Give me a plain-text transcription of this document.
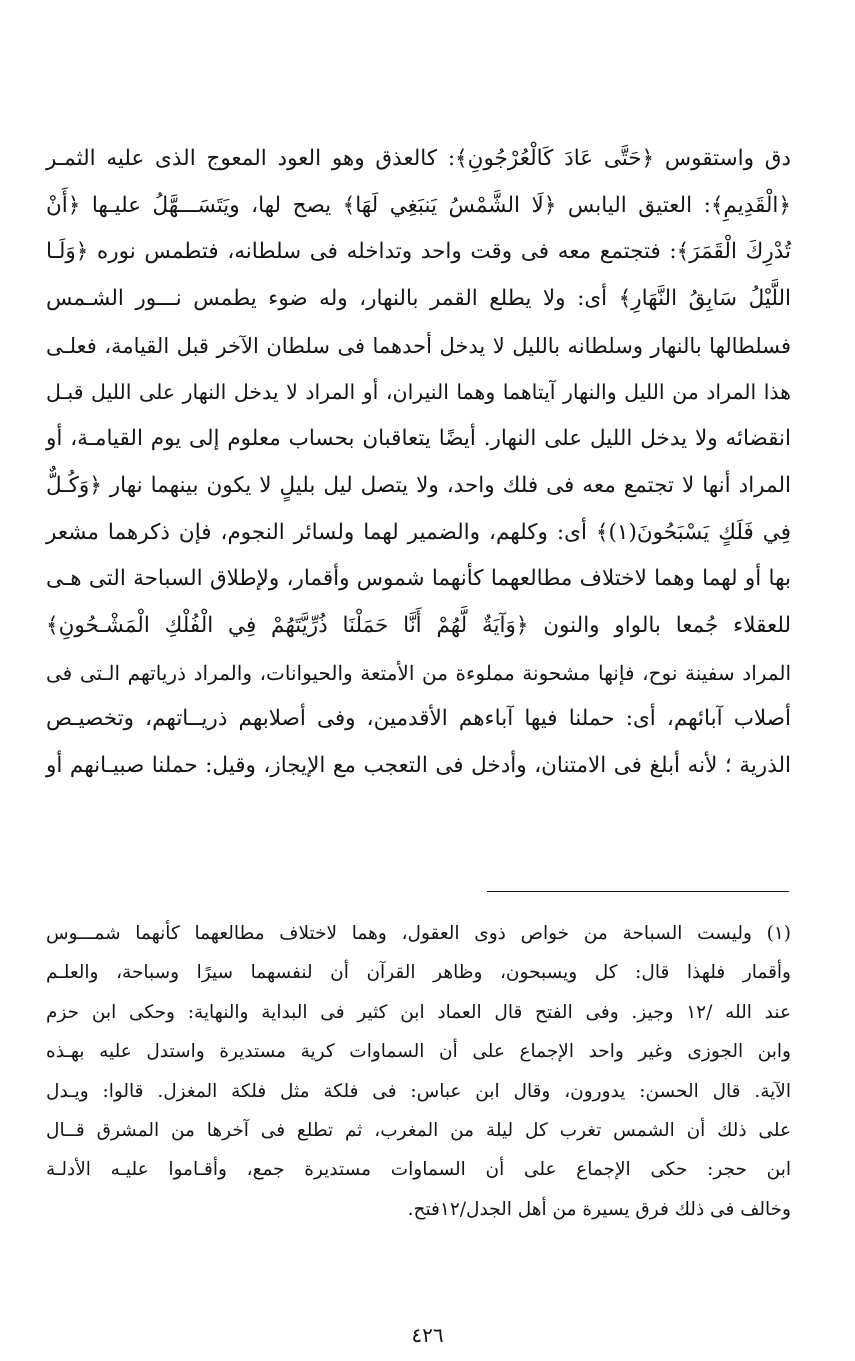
دق واستقوس ﴿حَتَّى عَادَ كَالْعُرْجُونِ﴾: كالعذق وهو العود المعوج الذى عليه الثمـر
﴿الْقَدِيمِ﴾: العتيق اليابس ﴿لَا الشَّمْسُ يَنبَغِي لَهَا﴾ يصح لها، ويَتَسَـــهَّلُ عليـها ﴿أَنْ
تُدْرِكَ الْقَمَرَ﴾: فتجتمع معه فى وقت واحد وتداخله فى سلطانه، فتطمس نوره ﴿وَلَـا
اللَّيْلُ سَابِقُ النَّهَارِ﴾ أى: ولا يطلع القمر بالنهار، وله ضوء يطمس نـــور الشـمس
فسلطالها بالنهار وسلطانه بالليل لا يدخل أحدهما فى سلطان الآخر قبل القيامة، فعلـى
هذا المراد من الليل والنهار آيتاهما وهما النيران، أو المراد لا يدخل النهار على الليل قبـل
انقضائه ولا يدخل الليل على النهار. أيضًا يتعاقبان بحساب معلوم إلى يوم القيامـة، أو
المراد أنها لا تجتمع معه فى فلك واحد، ولا يتصل ليل بليلٍ لا يكون بينهما نهار ﴿وَكُـلٌّ
فِي فَلَكٍ يَسْبَحُونَ(١)﴾ أى: وكلهم، والضمير لهما ولسائر النجوم، فإن ذكرهما مشعر
بها أو لهما وهما لاختلاف مطالعهما كأنهما شموس وأقمار، ولإطلاق السباحة التى هـى
للعقلاء جُمعا بالواو والنون ﴿وَآيَةٌ لَّهُمْ أَنَّا حَمَلْنَا ذُرِّيَّتَهُمْ فِي الْفُلْكِ الْمَشْـحُونِ﴾
المراد سفينة نوح، فإنها مشحونة مملوءة من الأمتعة والحيوانات، والمراد ذرياتهم الـتى فى
أصلاب آبائهم، أى: حملنا فيها آباءهم الأقدمين، وفى أصلابهم ذريــاتهم، وتخصيـص
الذرية ؛ لأنه أبلغ فى الامتنان، وأدخل فى التعجب مع الإيجاز، وقيل: حملنا صبيـانهم أو
(١) وليست السباحة من خواص ذوى العقول، وهما لاختلاف مطالعهما كأنهما شمـــوس
وأقمار فلهذا قال: كل ويسبحون، وظاهر القرآن أن لنفسهما سيرًا وسباحة، والعلـم
عند الله /١٢ وجيز. وفى الفتح قال العماد ابن كثير فى البداية والنهاية: وحكى ابن حزم
وابن الجوزى وغير واحد الإجماع على أن السماوات كرية مستديرة واستدل عليه بهـذه
الآية. قال الحسن: يدورون، وقال ابن عباس: فى فلكة مثل فلكة المغزل. قالوا: ويـدل
على ذلك أن الشمس تغرب كل ليلة من المغرب، ثم تطلع فى آخرها من المشرق قــال
ابن حجر: حكى الإجماع على أن السماوات مستديرة جمع، وأقـاموا عليـه الأدلـة
وخالف فى ذلك فرق يسيرة من أهل الجدل/١٢فتح.
٤٢٦
